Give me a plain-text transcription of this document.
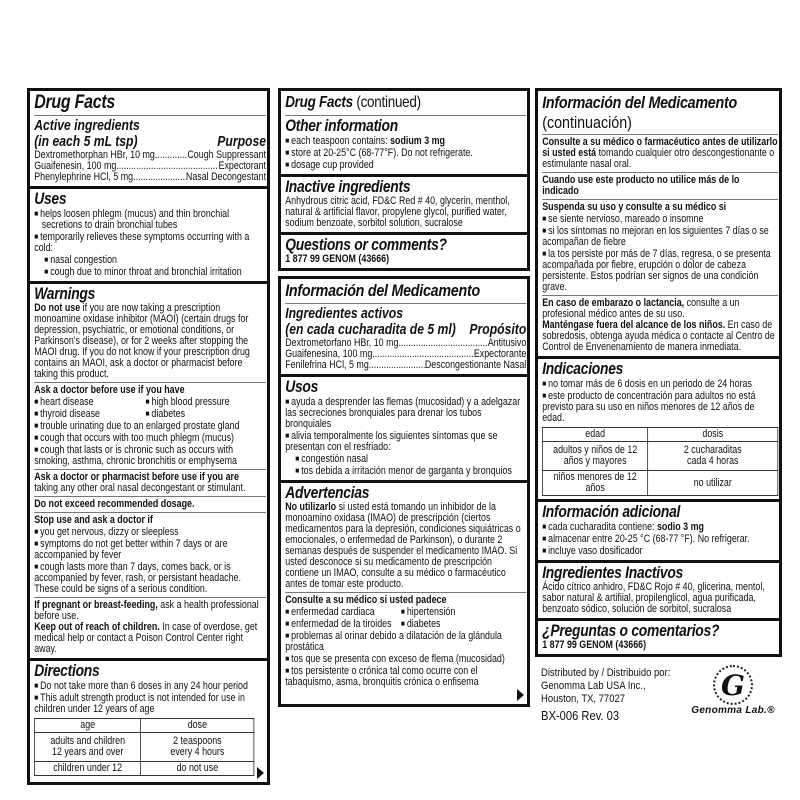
Drug Facts
Active ingredients
(in each 5 mL tsp)	Purpose
Dextromethorphan HBr, 10 mg .....	Cough Suppressant
Guaifenesin, 100 mg .....	Expectorant
Phenylephrine HCl, 5 mg .....	Nasal Decongestant
Uses
■ helps loosen phlegm (mucus) and thin bronchial secretions to drain bronchial tubes
■ temporarily relieves these symptoms occurring with a cold:
■ nasal congestion
■ cough due to minor throat and bronchial irritation
Warnings
Do not use if you are now taking a prescription monoamine oxidase inhibitor (MAOI) (certain drugs for depression, psychiatric, or emotional conditions, or Parkinson's disease), or for 2 weeks after stopping the MAOI drug. If you do not know if your prescription drug contains an MAOI, ask a doctor or pharmacist before taking this product.
Ask a doctor before use if you have
■ heart disease	■ high blood pressure
■ thyroid disease	■ diabetes
■ trouble urinating due to an enlarged prostate gland
■ cough that occurs with too much phlegm (mucus)
■ cough that lasts or is chronic such as occurs with smoking, asthma, chronic bronchitis or emphysema
Ask a doctor or pharmacist before use if you are
taking any other oral nasal decongestant or stimulant.
Do not exceed recommended dosage.
Stop use and ask a doctor if
■ you get nervous, dizzy or sleepless
■ symptoms do not get better within 7 days or are accompanied by fever
■ cough lasts more than 7 days, comes back, or is accompanied by fever, rash, or persistant headache. These could be signs of a serious condition.
If pregnant or breast-feeding, ask a health professional before use.
Keep out of reach of children. In case of overdose, get medical help or contact a Poison Control Center right away.
Directions
■ Do not take more than 6 doses in any 24 hour period
■ This adult strength product is not intended for use in children under 12 years of age
age	dose
adults and children 12 years and over	2 teaspoons every 4 hours
children under 12	do not use
Drug Facts (continued)
Other information
■ each teaspoon contains: sodium 3 mg
■ store at 20-25°C (68-77°F). Do not refrigerate.
■ dosage cup provided
Inactive ingredients
Anhydrous citric acid, FD&C Red # 40, glycerin, menthol, natural & artificial flavor, propylene glycol, purified water, sodium benzoate, sorbitol solution, sucralose
Questions or comments?
1 877 99 GENOM (43666)
Información del Medicamento
Ingredientes activos
(en cada cucharadita de 5 ml) Propósito
Dextrometorfano HBr, 10 mg .....	Antitusivo
Guaifenesina, 100 mg .....	Expectorante
Fenilefrina HCl, 5 mg .....	Descongestionante Nasal
Usos
■ ayuda a desprender las flemas (mucosidad) y a adelgazar las secreciones bronquiales para drenar los tubos bronquiales
■ alivia temporalmente los siguientes síntomas que se presentan con el resfriado:
■ congestión nasal
■ tos debida a irritación menor de garganta y bronquios
Advertencias
No utilizarlo si usted está tomando un inhibidor de la monoamino oxidasa (IMAO) de prescripción (ciertos medicamentos para la depresión, condiciones siquiátricas o emocionales, o enfermedad de Parkinson), o durante 2 semanas después de suspender el medicamento IMAO. Si usted desconoce si su medicamento de prescripción contiene un IMAO, consulte a su médico o farmacéutico antes de tomar este producto.
Consulte a su médico si usted padece
■ enfermedad cardiaca	■ hipertensión
■ enfermedad de la tiroides	■ diabetes
■ problemas al orinar debido a dilatación de la glándula prostática
■ tos que se presenta con exceso de flema (mucosidad)
■ tos persistente o crónica tal como ocurre con el tabaquismo, asma, bronquitis crónica o enfisema
Información del Medicamento
(continuación)
Consulte a su médico o farmacéutico antes de utilizarlo si usted está tomando cualquier otro descongestionante o estimulante nasal oral.
Cuando use este producto no utilice más de lo indicado
Suspenda su uso y consulte a su médico si
■ se siente nervioso, mareado o insomne
■ si los síntomas no mejoran en los siguientes 7 días o se acompañan de fiebre
■ la tos persiste por más de 7 días, regresa, o se presenta acompañada por fiebre, erupción o dolor de cabeza persistente. Estos podrían ser signos de una condición grave.
En caso de embarazo o lactancia, consulte a un profesional médico antes de su uso.
Manténgase fuera del alcance de los niños. En caso de sobredosis, obtenga ayuda médica o contacte al Centro de Control de Envenenamiento de manera inmediata.
Indicaciones
■ no tomar más de 6 dosis en un periodo de 24 horas
■ este producto de concentración para adultos no está previsto para su uso en niños menores de 12 años de edad.
edad	dosis
adultos y niños de 12 años y mayores	2 cucharaditas cada 4 horas
niños menores de 12 años	no utilizar
Información adicional
■ cada cucharadita contiene: sodio 3 mg
■ almacenar entre 20-25 °C (68-77 °F). No refrigerar.
■ incluye vaso dosificador
Ingredientes Inactivos
Ácido cítrico anhidro, FD&C Rojo # 40, glicerina, mentol, sabor natural & artifiial, propilenglicol, agua purificada, benzoato sódico, solución de sorbitol, sucralosa
¿Preguntas o comentarios?
1 877 99 GENOM (43666)
Distributed by / Distribuido por:
Genomma Lab USA Inc.,
Houston, TX, 77027
BX-006 Rev. 03
G
Genomma Lab.®
